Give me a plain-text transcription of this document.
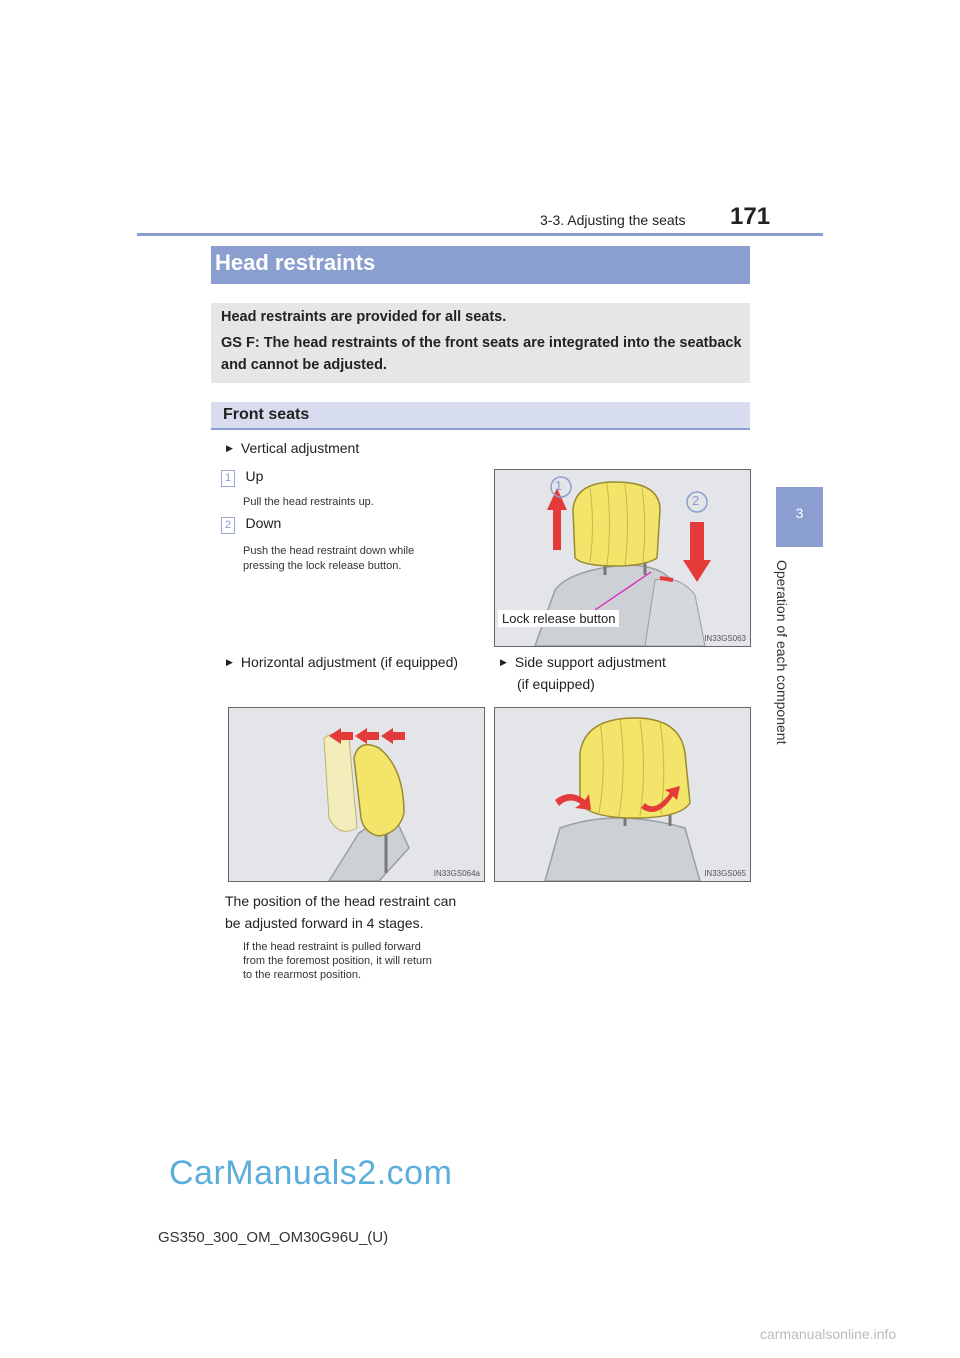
3-3. Adjusting the seats 171
3
Operation of each component
Head restraints

Head restraints are provided for all seats.

GS F: The head restraints of the front seats are integrated into the seatback

and cannot be adjusted.

Front seats
▶ Vertical adjustment
1 Up
Pull the head restraints up.
2 Down
Push the head restraint down while
pressing the lock release button.
1
2
Lock release button
IN33GS063
▶ Horizontal adjustment (if equipped)	▶ Side support adjustment
(if equipped)
IN33GS064a	IN33GS065
The position of the head restraint can
be adjusted forward in 4 stages.
If the head restraint is pulled forward
from the foremost position, it will return
to the rearmost position.
CarManuals2.com
GS350_300_OM_OM30G96U_(U)
carmanualsonline.info
